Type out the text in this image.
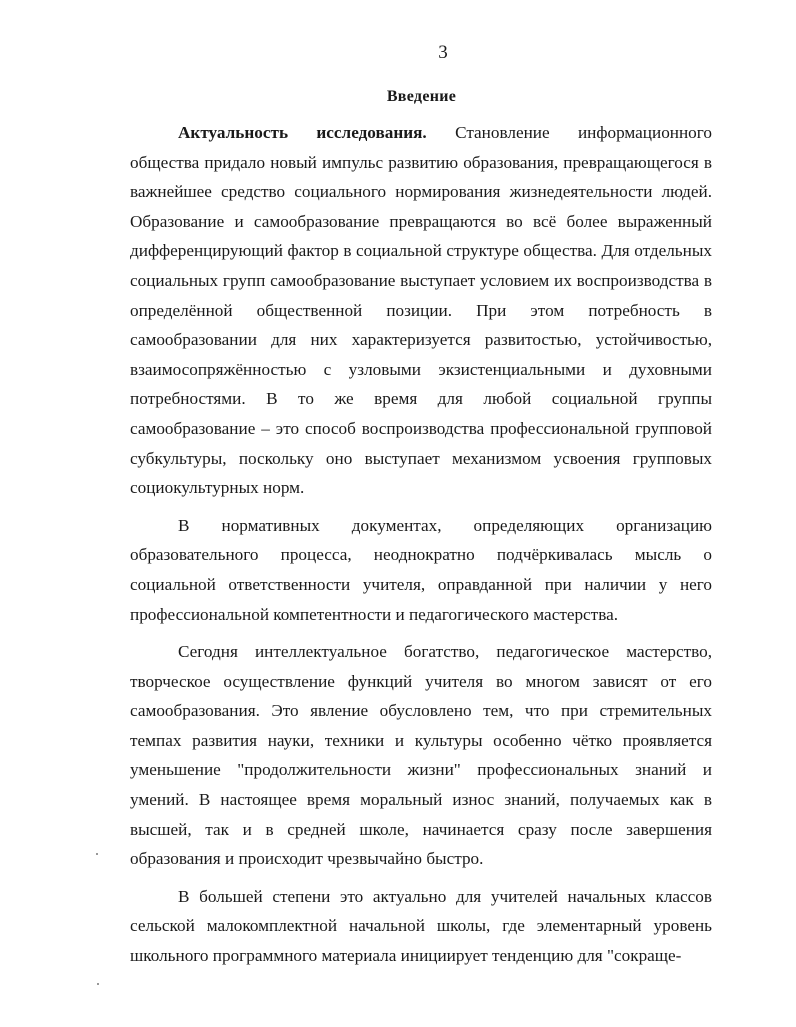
3
Введение

Актуальность исследования. Становление информационного общества придало новый импульс развитию образования, превращающегося в важнейшее средство социального нормирования жизнедеятельности людей. Образование и самообразование превращаются во всё более выраженный дифференцирующий фактор в социальной структуре общества. Для отдельных социальных групп самообразование выступает условием их воспроизводства в определённой общественной позиции. При этом потребность в самообразовании для них характеризуется развитостью, устойчивостью, взаимосопряжённостью с узловыми экзистенциальными и духовными потребностями. В то же время для любой социальной группы самообразование – это способ воспроизводства профессиональной групповой субкультуры, поскольку оно выступает механизмом усвоения групповых социокультурных норм.

В нормативных документах, определяющих организацию образовательного процесса, неоднократно подчёркивалась мысль о социальной ответственности учителя, оправданной при наличии у него профессиональной компетентности и педагогического мастерства.

Сегодня интеллектуальное богатство, педагогическое мастерство, творческое осуществление функций учителя во многом зависят от его самообразования. Это явление обусловлено тем, что при стремительных темпах развития науки, техники и культуры особенно чётко проявляется уменьшение "продолжительности жизни" профессиональных знаний и умений. В настоящее время моральный износ знаний, получаемых как в высшей, так и в средней школе, начинается сразу после завершения образования и происходит чрезвычайно быстро.

В большей степени это актуально для учителей начальных классов сельской малокомплектной начальной школы, где элементарный уровень школьного программного материала инициирует тенденцию для "сокраще-
